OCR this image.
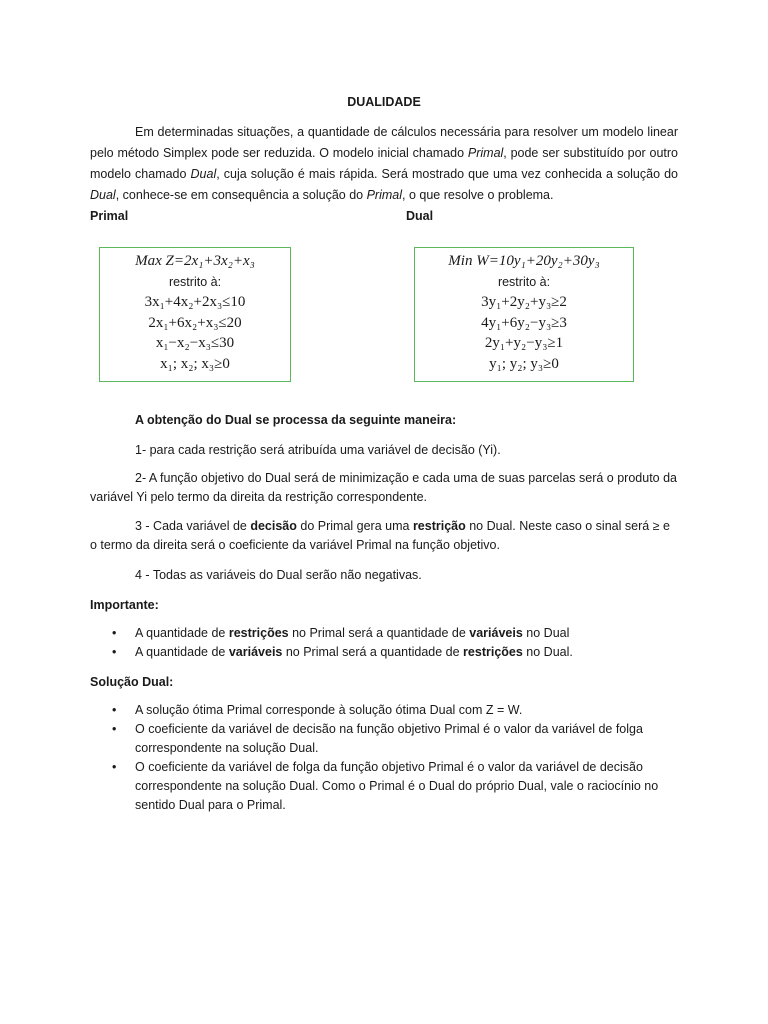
DUALIDADE
Em determinadas situações, a quantidade de cálculos necessária para resolver um modelo linear pelo método Simplex pode ser reduzida. O modelo inicial chamado Primal, pode ser substituído por outro modelo chamado Dual, cuja solução é mais rápida. Será mostrado que uma vez conhecida a solução do Dual, conhece-se em consequência a solução do Primal, o que resolve o problema.
Primal	Dual
Max Z=2x₁+3x₂+x₃
restrito à:
3x₁+4x₂+2x₃≤10
2x₁+6x₂+x₃≤20
x₁−x₂−x₃≤30
x₁; x₂; x₃≥0
Min W=10y₁+20y₂+30y₃
restrito à:
3y₁+2y₂+y₃≥2
4y₁+6y₂−y₃≥3
2y₁+y₂−y₃≥1
y₁; y₂; y₃≥0
A obtenção do Dual se processa da seguinte maneira:
1- para cada restrição será atribuída uma variável de decisão (Yi).
2- A função objetivo do Dual será de minimização e cada uma de suas parcelas será o produto da variável Yi pelo termo da direita da restrição correspondente.
3 - Cada variável de decisão do Primal gera uma restrição no Dual. Neste caso o sinal será ≥ e o termo da direita será o coeficiente da variável Primal na função objetivo.
4 - Todas as variáveis do Dual serão não negativas.
Importante:
• A quantidade de restrições no Primal será a quantidade de variáveis no Dual
• A quantidade de variáveis no Primal será a quantidade de restrições no Dual.
Solução Dual:
• A solução ótima Primal corresponde à solução ótima Dual com Z = W.
• O coeficiente da variável de decisão na função objetivo Primal é o valor da variável de folga correspondente na solução Dual.
• O coeficiente da variável de folga da função objetivo Primal é o valor da variável de decisão correspondente na solução Dual. Como o Primal é o Dual do próprio Dual, vale o raciocínio no sentido Dual para o Primal.
